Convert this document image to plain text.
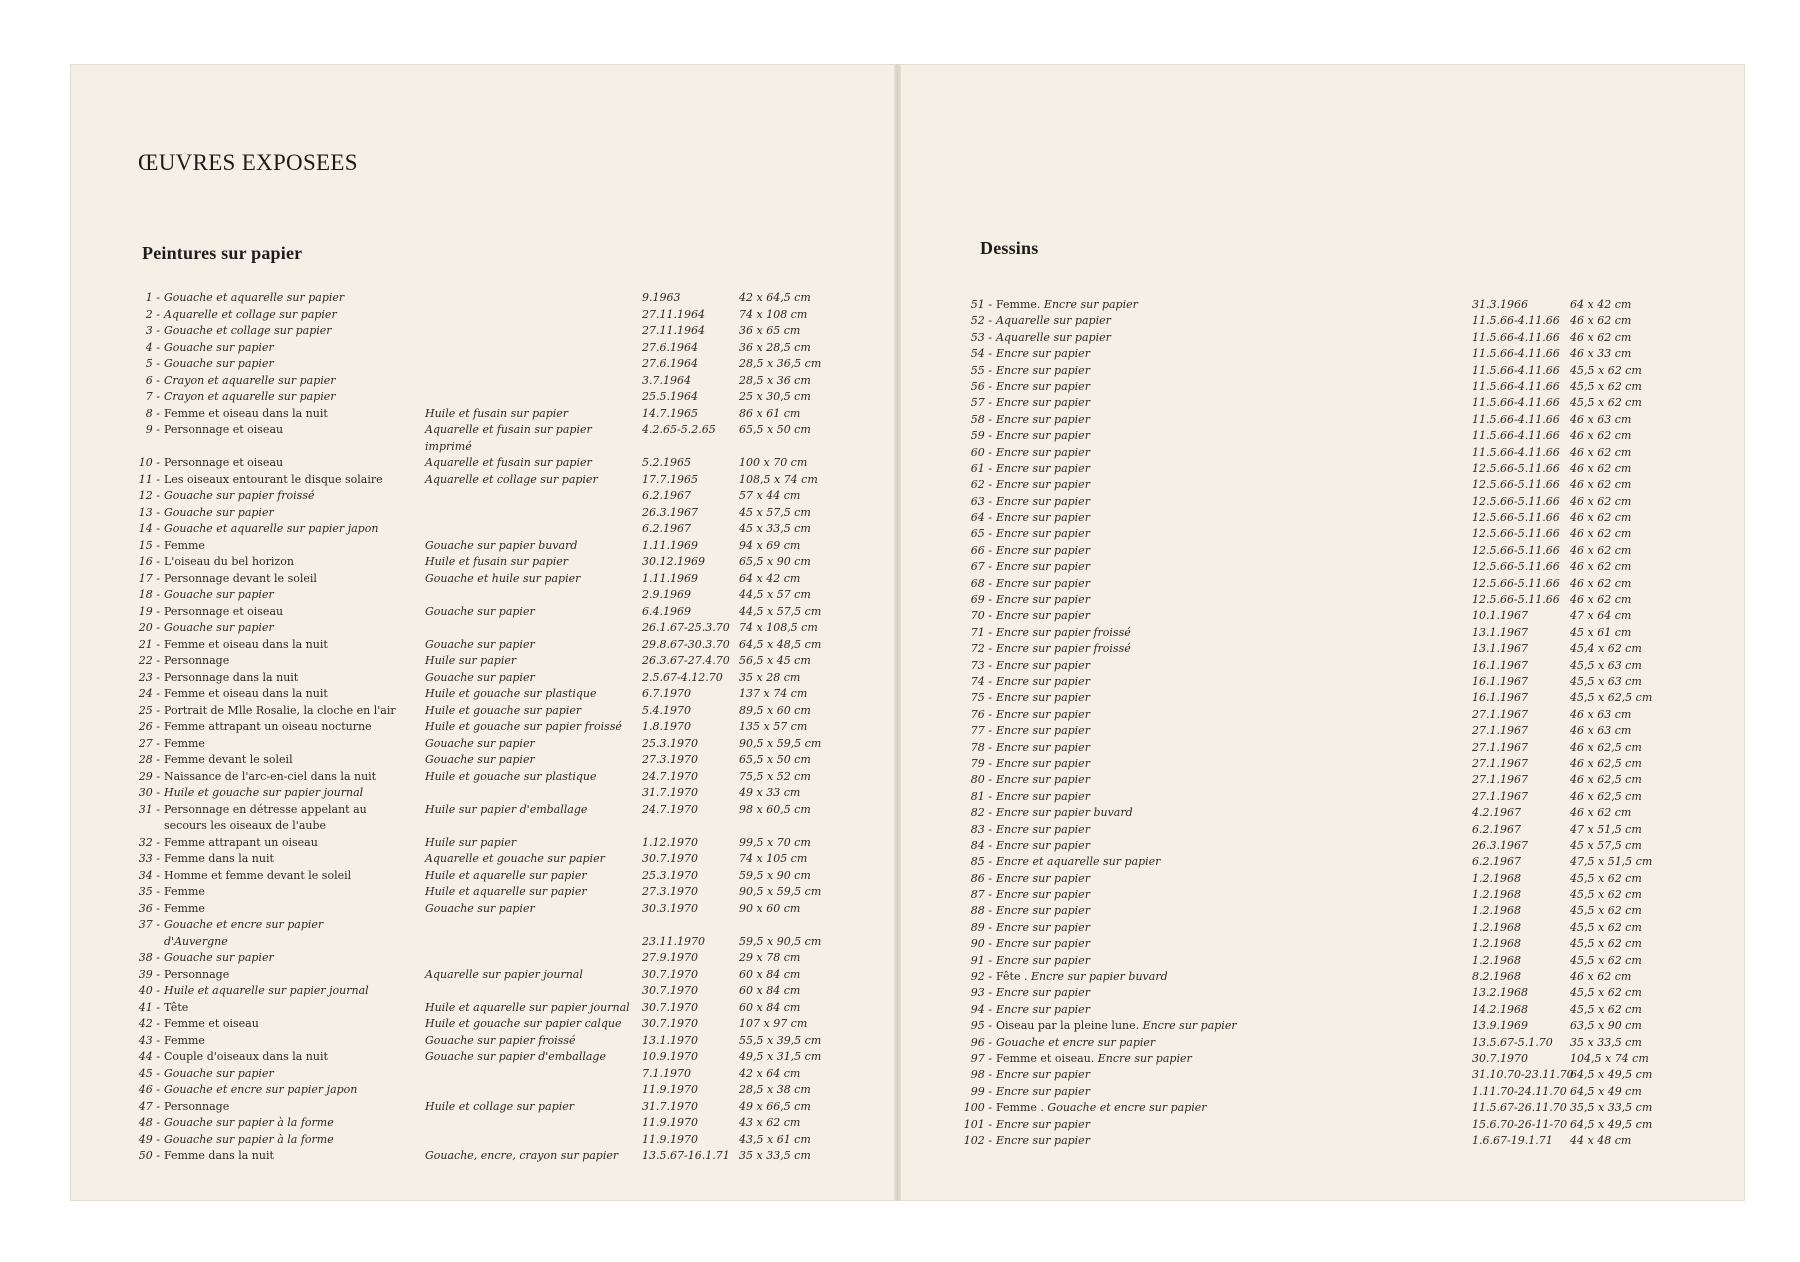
ŒUVRES EXPOSEES
Peintures sur papier	Dessins
1 - Gouache et aquarelle sur papier	9.1963	42 x 64,5 cm
2 - Aquarelle et collage sur papier	27.11.1964	74 x 108 cm
3 - Gouache et collage sur papier	27.11.1964	36 x 65 cm
4 - Gouache sur papier	27.6.1964	36 x 28,5 cm
5 - Gouache sur papier	27.6.1964	28,5 x 36,5 cm
6 - Crayon et aquarelle sur papier	3.7.1964	28,5 x 36 cm
7 - Crayon et aquarelle sur papier	25.5.1964	25 x 30,5 cm
8 - Femme et oiseau dans la nuit	Huile et fusain sur papier	14.7.1965	86 x 61 cm
9 - Personnage et oiseau	Aquarelle et fusain sur papier	4.2.65-5.2.65 65,5 x 50 cm
imprimé
10 - Personnage et oiseau	Aquarelle et fusain sur papier	5.2.1965	100 x 70 cm
11 - Les oiseaux entourant le disque solaire	Aquarelle et collage sur papier	17.7.1965	108,5 x 74 cm
12 - Gouache sur papier froissé	6.2.1967	57 x 44 cm
13 - Gouache sur papier	26.3.1967	45 x 57,5 cm
14 - Gouache et aquarelle sur papier japon	6.2.1967	45 x 33,5 cm
15 - Femme	Gouache sur papier buvard	1.11.1969	94 x 69 cm
16 - L'oiseau du bel horizon	Huile et fusain sur papier	30.12.1969	65,5 x 90 cm
17 - Personnage devant le soleil	Gouache et huile sur papier	1.11.1969	64 x 42 cm
18 - Gouache sur papier	2.9.1969	44,5 x 57 cm
19 - Personnage et oiseau	Gouache sur papier	6.4.1969	44,5 x 57,5 cm
20 - Gouache sur papier	26.1.67-25.3.70 74 x 108,5 cm
21 - Femme et oiseau dans la nuit	Gouache sur papier	29.8.67-30.3.70 64,5 x 48,5 cm
22 - Personnage	Huile sur papier	26.3.67-27.4.70 56,5 x 45 cm
23 - Personnage dans la nuit	Gouache sur papier	2.5.67-4.12.70 35 x 28 cm
24 - Femme et oiseau dans la nuit	Huile et gouache sur plastique	6.7.1970	137 x 74 cm
25 - Portrait de Mlle Rosalie, la cloche en l'air	Huile et gouache sur papier	5.4.1970	89,5 x 60 cm
26 - Femme attrapant un oiseau nocturne	Huile et gouache sur papier froissé 1.8.1970	135 x 57 cm
27 - Femme	Gouache sur papier	25.3.1970	90,5 x 59,5 cm
28 - Femme devant le soleil	Gouache sur papier	27.3.1970	65,5 x 50 cm
29 - Naissance de l'arc-en-ciel dans la nuit	Huile et gouache sur plastique	24.7.1970	75,5 x 52 cm
30 - Huile et gouache sur papier journal	31.7.1970	49 x 33 cm
31 - Personnage en détresse appelant au	Huile sur papier d'emballage	24.7.1970	98 x 60,5 cm
secours les oiseaux de l'aube
32 - Femme attrapant un oiseau	Huile sur papier	1.12.1970	99,5 x 70 cm
33 - Femme dans la nuit	Aquarelle et gouache sur papier	30.7.1970	74 x 105 cm
34 - Homme et femme devant le soleil	Huile et aquarelle sur papier	25.3.1970	59,5 x 90 cm
35 - Femme	Huile et aquarelle sur papier	27.3.1970	90,5 x 59,5 cm
36 - Femme	Gouache sur papier	30.3.1970	90 x 60 cm
37 - Gouache et encre sur papier
d'Auvergne	23.11.1970	59,5 x 90,5 cm
38 - Gouache sur papier	27.9.1970	29 x 78 cm
39 - Personnage	Aquarelle sur papier journal	30.7.1970	60 x 84 cm
40 - Huile et aquarelle sur papier journal	30.7.1970	60 x 84 cm
41 - Tête	Huile et aquarelle sur papier journal 30.7.1970	60 x 84 cm
42 - Femme et oiseau	Huile et gouache sur papier calque 30.7.1970	107 x 97 cm
43 - Femme	Gouache sur papier froissé	13.1.1970	55,5 x 39,5 cm
44 - Couple d'oiseaux dans la nuit	Gouache sur papier d'emballage	10.9.1970	49,5 x 31,5 cm
45 - Gouache sur papier	7.1.1970	42 x 64 cm
46 - Gouache et encre sur papier japon	11.9.1970	28,5 x 38 cm
47 - Personnage	Huile et collage sur papier	31.7.1970	49 x 66,5 cm
48 - Gouache sur papier à la forme	11.9.1970	43 x 62 cm
49 - Gouache sur papier à la forme	11.9.1970	43,5 x 61 cm
50 - Femme dans la nuit	Gouache, encre, crayon sur papier 13.5.67-16.1.71 35 x 33,5 cm
51 - Femme. Encre sur papier	31.3.1966	64 x 42 cm
52 - Aquarelle sur papier	11.5.66-4.11.66 46 x 62 cm
53 - Aquarelle sur papier	11.5.66-4.11.66 46 x 62 cm
54 - Encre sur papier	11.5.66-4.11.66 46 x 33 cm
55 - Encre sur papier	11.5.66-4.11.66 45,5 x 62 cm
56 - Encre sur papier	11.5.66-4.11.66 45,5 x 62 cm
57 - Encre sur papier	11.5.66-4.11.66 45,5 x 62 cm
58 - Encre sur papier	11.5.66-4.11.66 46 x 63 cm
59 - Encre sur papier	11.5.66-4.11.66 46 x 62 cm
60 - Encre sur papier	11.5.66-4.11.66 46 x 62 cm
61 - Encre sur papier	12.5.66-5.11.66 46 x 62 cm
62 - Encre sur papier	12.5.66-5.11.66 46 x 62 cm
63 - Encre sur papier	12.5.66-5.11.66 46 x 62 cm
64 - Encre sur papier	12.5.66-5.11.66 46 x 62 cm
65 - Encre sur papier	12.5.66-5.11.66 46 x 62 cm
66 - Encre sur papier	12.5.66-5.11.66 46 x 62 cm
67 - Encre sur papier	12.5.66-5.11.66 46 x 62 cm
68 - Encre sur papier	12.5.66-5.11.66 46 x 62 cm
69 - Encre sur papier	12.5.66-5.11.66 46 x 62 cm
70 - Encre sur papier	10.1.1967	47 x 64 cm
71 - Encre sur papier froissé	13.1.1967	45 x 61 cm
72 - Encre sur papier froissé	13.1.1967	45,4 x 62 cm
73 - Encre sur papier	16.1.1967	45,5 x 63 cm
74 - Encre sur papier	16.1.1967	45,5 x 63 cm
75 - Encre sur papier	16.1.1967	45,5 x 62,5 cm
76 - Encre sur papier	27.1.1967	46 x 63 cm
77 - Encre sur papier	27.1.1967	46 x 63 cm
78 - Encre sur papier	27.1.1967	46 x 62,5 cm
79 - Encre sur papier	27.1.1967	46 x 62,5 cm
80 - Encre sur papier	27.1.1967	46 x 62,5 cm
81 - Encre sur papier	27.1.1967	46 x 62,5 cm
82 - Encre sur papier buvard	4.2.1967	46 x 62 cm
83 - Encre sur papier	6.2.1967	47 x 51,5 cm
84 - Encre sur papier	26.3.1967	45 x 57,5 cm
85 - Encre et aquarelle sur papier	6.2.1967	47,5 x 51,5 cm
86 - Encre sur papier	1.2.1968	45,5 x 62 cm
87 - Encre sur papier	1.2.1968	45,5 x 62 cm
88 - Encre sur papier	1.2.1968	45,5 x 62 cm
89 - Encre sur papier	1.2.1968	45,5 x 62 cm
90 - Encre sur papier	1.2.1968	45,5 x 62 cm
91 - Encre sur papier	1.2.1968	45,5 x 62 cm
92 - Fête . Encre sur papier buvard	8.2.1968	46 x 62 cm
93 - Encre sur papier	13.2.1968	45,5 x 62 cm
94 - Encre sur papier	14.2.1968	45,5 x 62 cm
95 - Oiseau par la pleine lune. Encre sur papier	13.9.1969	63,5 x 90 cm
96 - Gouache et encre sur papier	13.5.67-5.1.70 35 x 33,5 cm
97 - Femme et oiseau. Encre sur papier	30.7.1970	104,5 x 74 cm
98 - Encre sur papier	31.10.70-23.11.70
64,5 x 49,5 cm
99 - Encre sur papier	1.11.70-24.11.70 64,5 x 49 cm
100 - Femme . Gouache et encre sur papier	11.5.67-26.11.70 35,5 x 33,5 cm
101 - Encre sur papier	15.6.70-26-11-70 64,5 x 49,5 cm
102 - Encre sur papier	1.6.67-19.1.71 44 x 48 cm
